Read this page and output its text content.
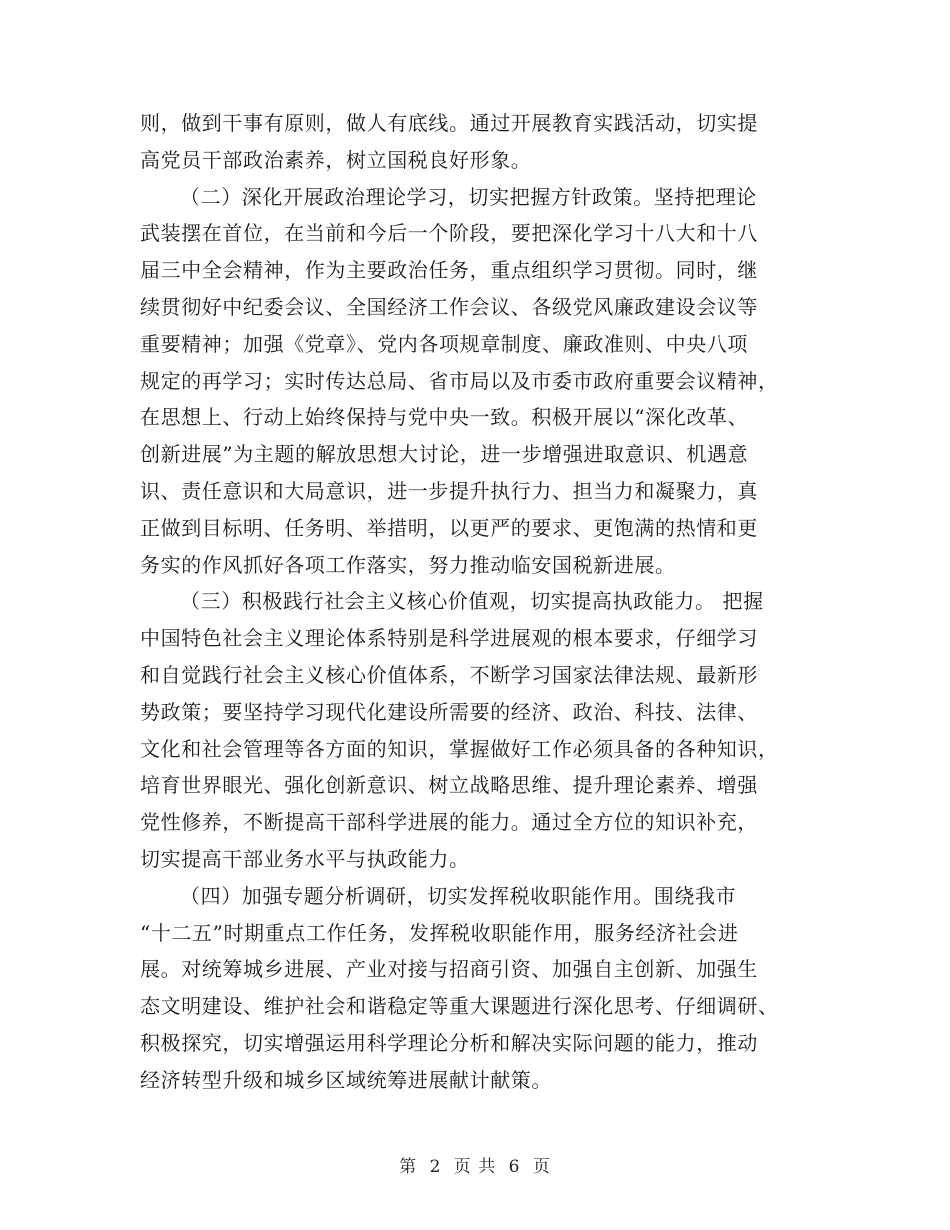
则，做到干事有原则，做人有底线。通过开展教育实践活动，切实提
高党员干部政治素养，树立国税良好形象。
（二）深化开展政治理论学习，切实把握方针政策。坚持把理论
武装摆在首位，在当前和今后一个阶段，要把深化学习十八大和十八
届三中全会精神，作为主要政治任务，重点组织学习贯彻。同时，继
续贯彻好中纪委会议、全国经济工作会议、各级党风廉政建设会议等
重要精神；加强《党章》、党内各项规章制度、廉政准则、中央八项
规定的再学习；实时传达总局、省市局以及市委市政府重要会议精神，
在思想上、行动上始终保持与党中央一致。积极开展以“深化改革、
创新进展”为主题的解放思想大讨论，进一步增强进取意识、机遇意
识、责任意识和大局意识，进一步提升执行力、担当力和凝聚力，真
正做到目标明、任务明、举措明，以更严的要求、更饱满的热情和更
务实的作风抓好各项工作落实，努力推动临安国税新进展。
（三）积极践行社会主义核心价值观，切实提高执政能力。 把握
中国特色社会主义理论体系特别是科学进展观的根本要求，仔细学习
和自觉践行社会主义核心价值体系，不断学习国家法律法规、最新形
势政策；要坚持学习现代化建设所需要的经济、政治、科技、法律、
文化和社会管理等各方面的知识，掌握做好工作必须具备的各种知识，
培育世界眼光、强化创新意识、树立战略思维、提升理论素养、增强
党性修养，不断提高干部科学进展的能力。通过全方位的知识补充，
切实提高干部业务水平与执政能力。
（四）加强专题分析调研，切实发挥税收职能作用。围绕我市
“十二五”时期重点工作任务，发挥税收职能作用，服务经济社会进
展。对统筹城乡进展、产业对接与招商引资、加强自主创新、加强生
态文明建设、维护社会和谐稳定等重大课题进行深化思考、仔细调研、
积极探究，切实增强运用科学理论分析和解决实际问题的能力，推动
经济转型升级和城乡区域统筹进展献计献策。
第 2 页 共 6 页
